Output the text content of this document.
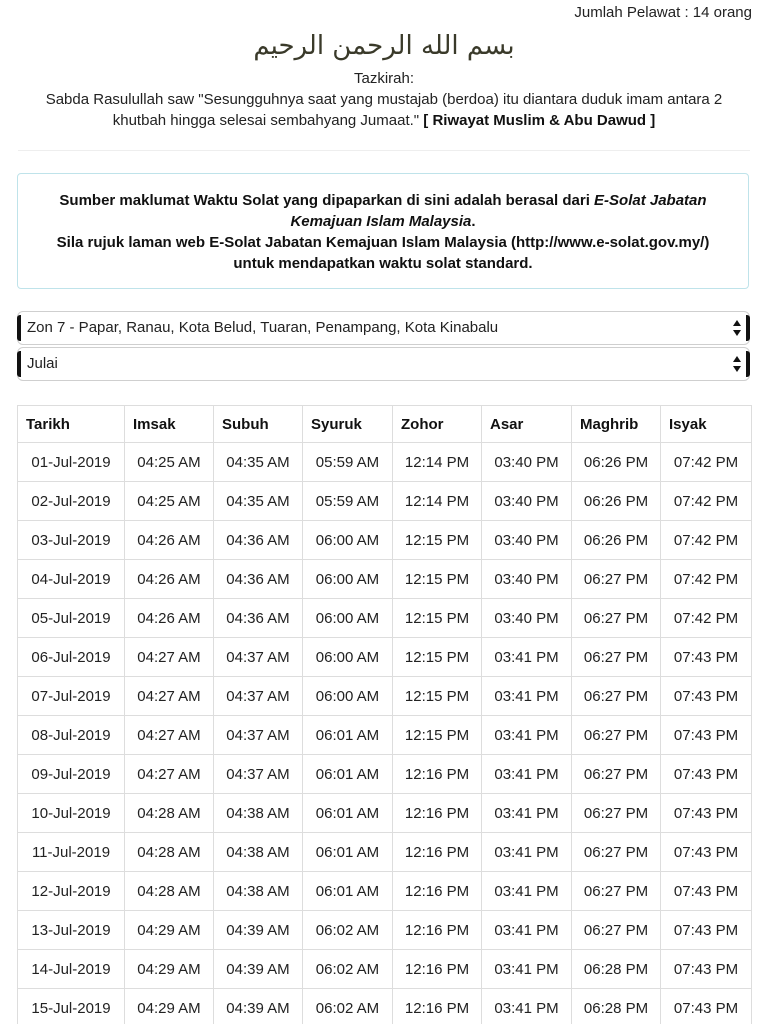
Jumlah Pelawat : 14 orang
بسم الله الرحمن الرحيم
Tazkirah:
Sabda Rasulullah saw "Sesungguhnya saat yang mustajab (berdoa) itu diantara duduk imam antara 2 khutbah hingga selesai sembahyang Jumaat." [ Riwayat Muslim & Abu Dawud ]
Sumber maklumat Waktu Solat yang dipaparkan di sini adalah berasal dari E-Solat Jabatan Kemajuan Islam Malaysia.
Sila rujuk laman web E-Solat Jabatan Kemajuan Islam Malaysia (http://www.e-solat.gov.my/) untuk mendapatkan waktu solat standard.
Zon 7 - Papar, Ranau, Kota Belud, Tuaran, Penampang, Kota Kinabalu
Julai
Tarikh	Imsak	Subuh	Syuruk	Zohor	Asar	Maghrib	Isyak
01-Jul-2019	04:25 AM	04:35 AM	05:59 AM	12:14 PM	03:40 PM	06:26 PM	07:42 PM
02-Jul-2019	04:25 AM	04:35 AM	05:59 AM	12:14 PM	03:40 PM	06:26 PM	07:42 PM
03-Jul-2019	04:26 AM	04:36 AM	06:00 AM	12:15 PM	03:40 PM	06:26 PM	07:42 PM
04-Jul-2019	04:26 AM	04:36 AM	06:00 AM	12:15 PM	03:40 PM	06:27 PM	07:42 PM
05-Jul-2019	04:26 AM	04:36 AM	06:00 AM	12:15 PM	03:40 PM	06:27 PM	07:42 PM
06-Jul-2019	04:27 AM	04:37 AM	06:00 AM	12:15 PM	03:41 PM	06:27 PM	07:43 PM
07-Jul-2019	04:27 AM	04:37 AM	06:00 AM	12:15 PM	03:41 PM	06:27 PM	07:43 PM
08-Jul-2019	04:27 AM	04:37 AM	06:01 AM	12:15 PM	03:41 PM	06:27 PM	07:43 PM
09-Jul-2019	04:27 AM	04:37 AM	06:01 AM	12:16 PM	03:41 PM	06:27 PM	07:43 PM
10-Jul-2019	04:28 AM	04:38 AM	06:01 AM	12:16 PM	03:41 PM	06:27 PM	07:43 PM
11-Jul-2019	04:28 AM	04:38 AM	06:01 AM	12:16 PM	03:41 PM	06:27 PM	07:43 PM
12-Jul-2019	04:28 AM	04:38 AM	06:01 AM	12:16 PM	03:41 PM	06:27 PM	07:43 PM
13-Jul-2019	04:29 AM	04:39 AM	06:02 AM	12:16 PM	03:41 PM	06:27 PM	07:43 PM
14-Jul-2019	04:29 AM	04:39 AM	06:02 AM	12:16 PM	03:41 PM	06:28 PM	07:43 PM
15-Jul-2019	04:29 AM	04:39 AM	06:02 AM	12:16 PM	03:41 PM	06:28 PM	07:43 PM
